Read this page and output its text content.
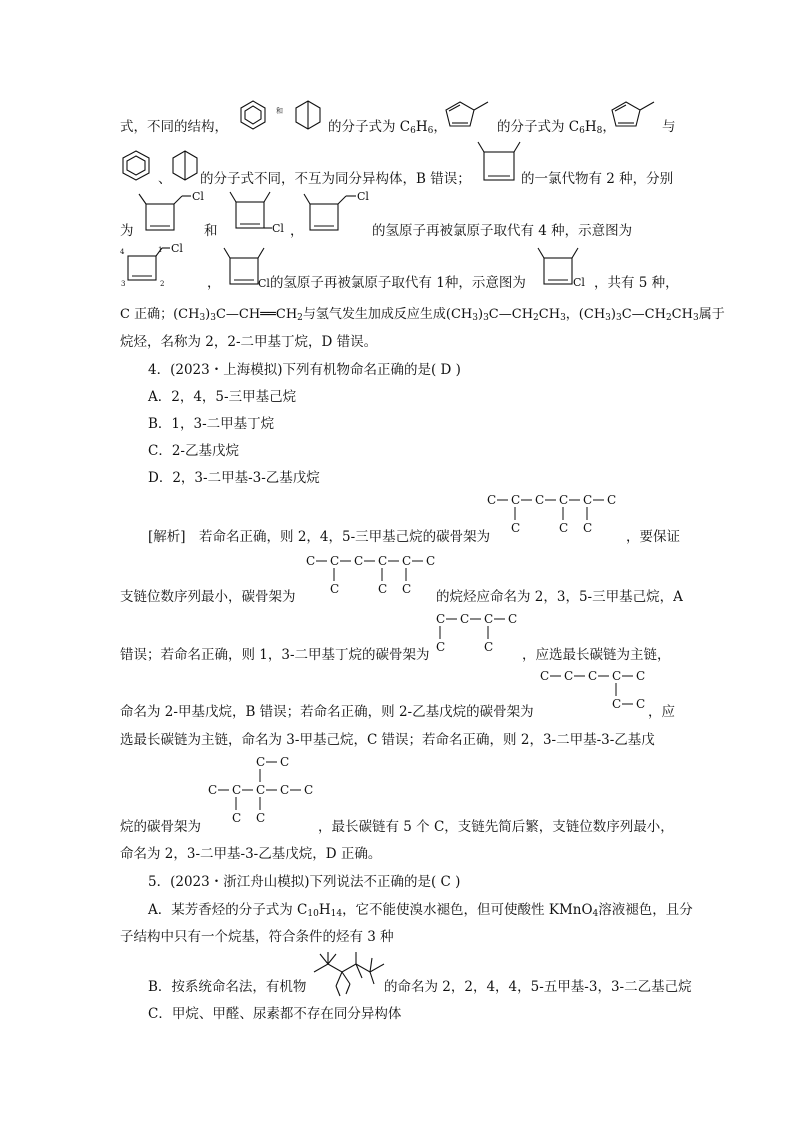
式，不同的结构，
和
的分子式为 $C_6H_6$，	的分子式为 $C_6H_8$，	与
、 的分子式不同，不互为同分异构体，B 错误；	的一氯代物有 2 种，分别
为
Cl
和	Cl ，
Cl
的氢原子再被氯原子取代有 4 种，示意图为
4	1
3	2
Cl
，	Cl的氢原子再被氯原子取代有 1种，示意图为	Cl ，共有 5 种，
C 正确；$(CH_3)_3C—CH══CH_2$与氢气发生加成反应生成$(CH_3)_3C—CH_2CH_3$，$(CH_3)_3C—CH_2CH_3$属于
烷烃，名称为 2，2-二甲基丁烷，D 错误。
4．(2023・上海模拟)下列有机物命名正确的是( D )
A．2，4，5-三甲基己烷
B．1，3-二甲基丁烷
C．2-乙基戊烷
D．2，3-二甲基-3-乙基戊烷
[解析]　若命名正确，则 2，4，5-三甲基己烷的碳骨架为
C C C C C C
C	C C
，要保证
支链位数序列最小，碳骨架为
C C C C C C
C	C C 的烷烃应命名为 2，3，5-三甲基己烷，A
错误；若命名正确，则 1，3-二甲基丁烷的碳骨架为
C C C C
C	C ，应选最长碳链为主链，
命名为 2-甲基戊烷，B 错误；若命名正确，则 2-乙基戊烷的碳骨架为
C C C C C
C C ，应
选最长碳链为主链，命名为 3-甲基己烷，C 错误；若命名正确，则 2，3-二甲基-3-乙基戊
烷的碳骨架为
C C
C C C C C
C C
，最长碳链有 5 个 C，支链先简后繁，支链位数序列最小，
命名为 2，3-二甲基-3-乙基戊烷，D 正确。
5．(2023・浙江舟山模拟)下列说法不正确的是( C )
A．某芳香烃的分子式为 $C_{10}H_{14}$，它不能使溴水褪色，但可使酸性 KMnO$_4$溶液褪色，且分
子结构中只有一个烷基，符合条件的烃有 3 种
B．按系统命名法，有机物	的命名为 2，2，4，4，5-五甲基-3，3-二乙基己烷
C．甲烷、甲醛、尿素都不存在同分异构体
